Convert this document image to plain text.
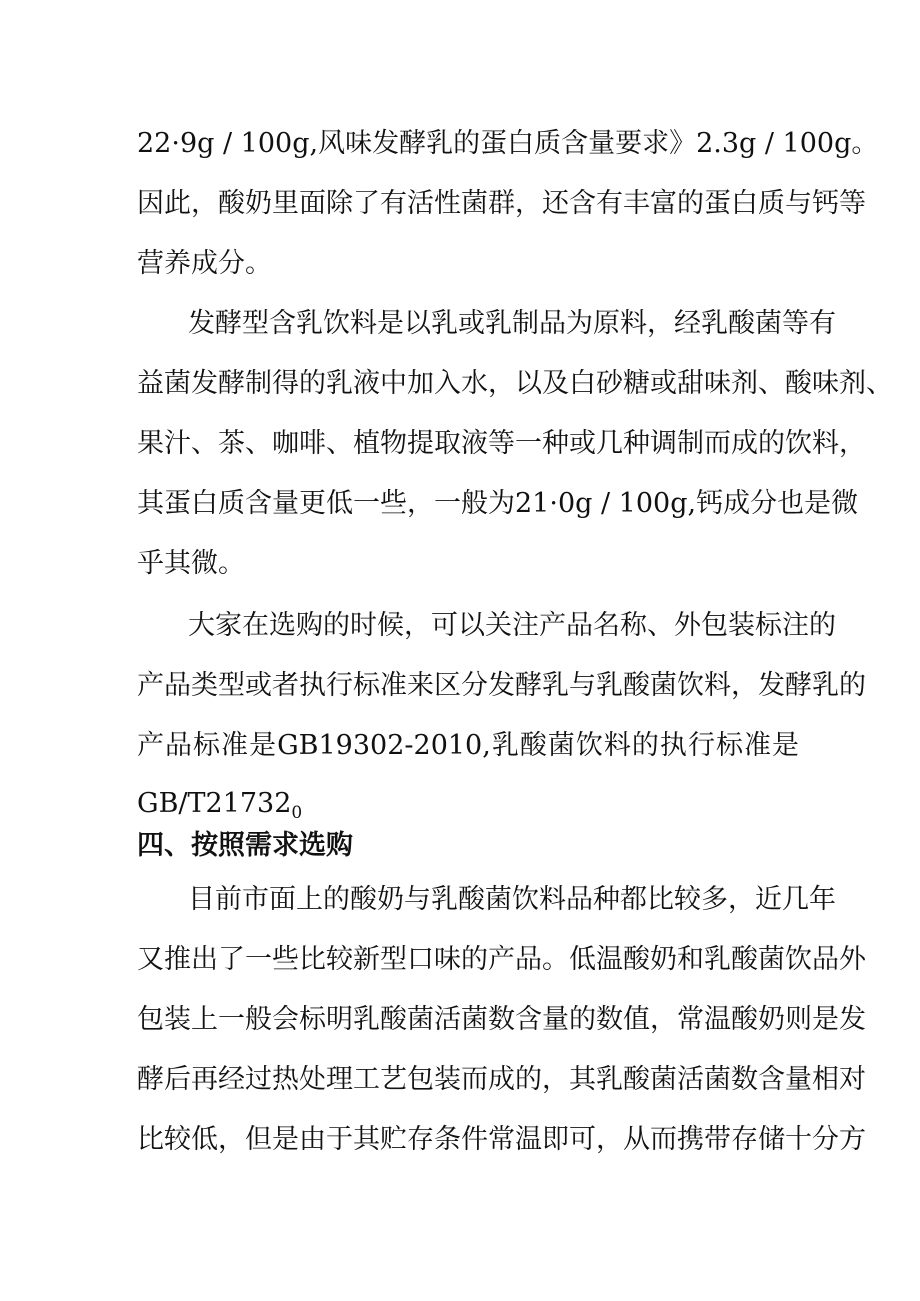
22·9g / 100g,风味发酵乳的蛋白质含量要求》2.3g / 100g。
因此，酸奶里面除了有活性菌群，还含有丰富的蛋白质与钙等
营养成分。
发酵型含乳饮料是以乳或乳制品为原料，经乳酸菌等有
益菌发酵制得的乳液中加入水，以及白砂糖或甜味剂、酸味剂、
果汁、茶、咖啡、植物提取液等一种或几种调制而成的饮料，
其蛋白质含量更低一些，一般为21·0g / 100g,钙成分也是微
乎其微。
大家在选购的时候，可以关注产品名称、外包装标注的
产品类型或者执行标准来区分发酵乳与乳酸菌饮料，发酵乳的
产品标准是GB19302-2010,乳酸菌饮料的执行标准是
$GB/T21732_0$
四、按照需求选购
目前市面上的酸奶与乳酸菌饮料品种都比较多，近几年
又推出了一些比较新型口味的产品。低温酸奶和乳酸菌饮品外
包装上一般会标明乳酸菌活菌数含量的数值，常温酸奶则是发
酵后再经过热处理工艺包装而成的，其乳酸菌活菌数含量相对
比较低，但是由于其贮存条件常温即可，从而携带存储十分方
